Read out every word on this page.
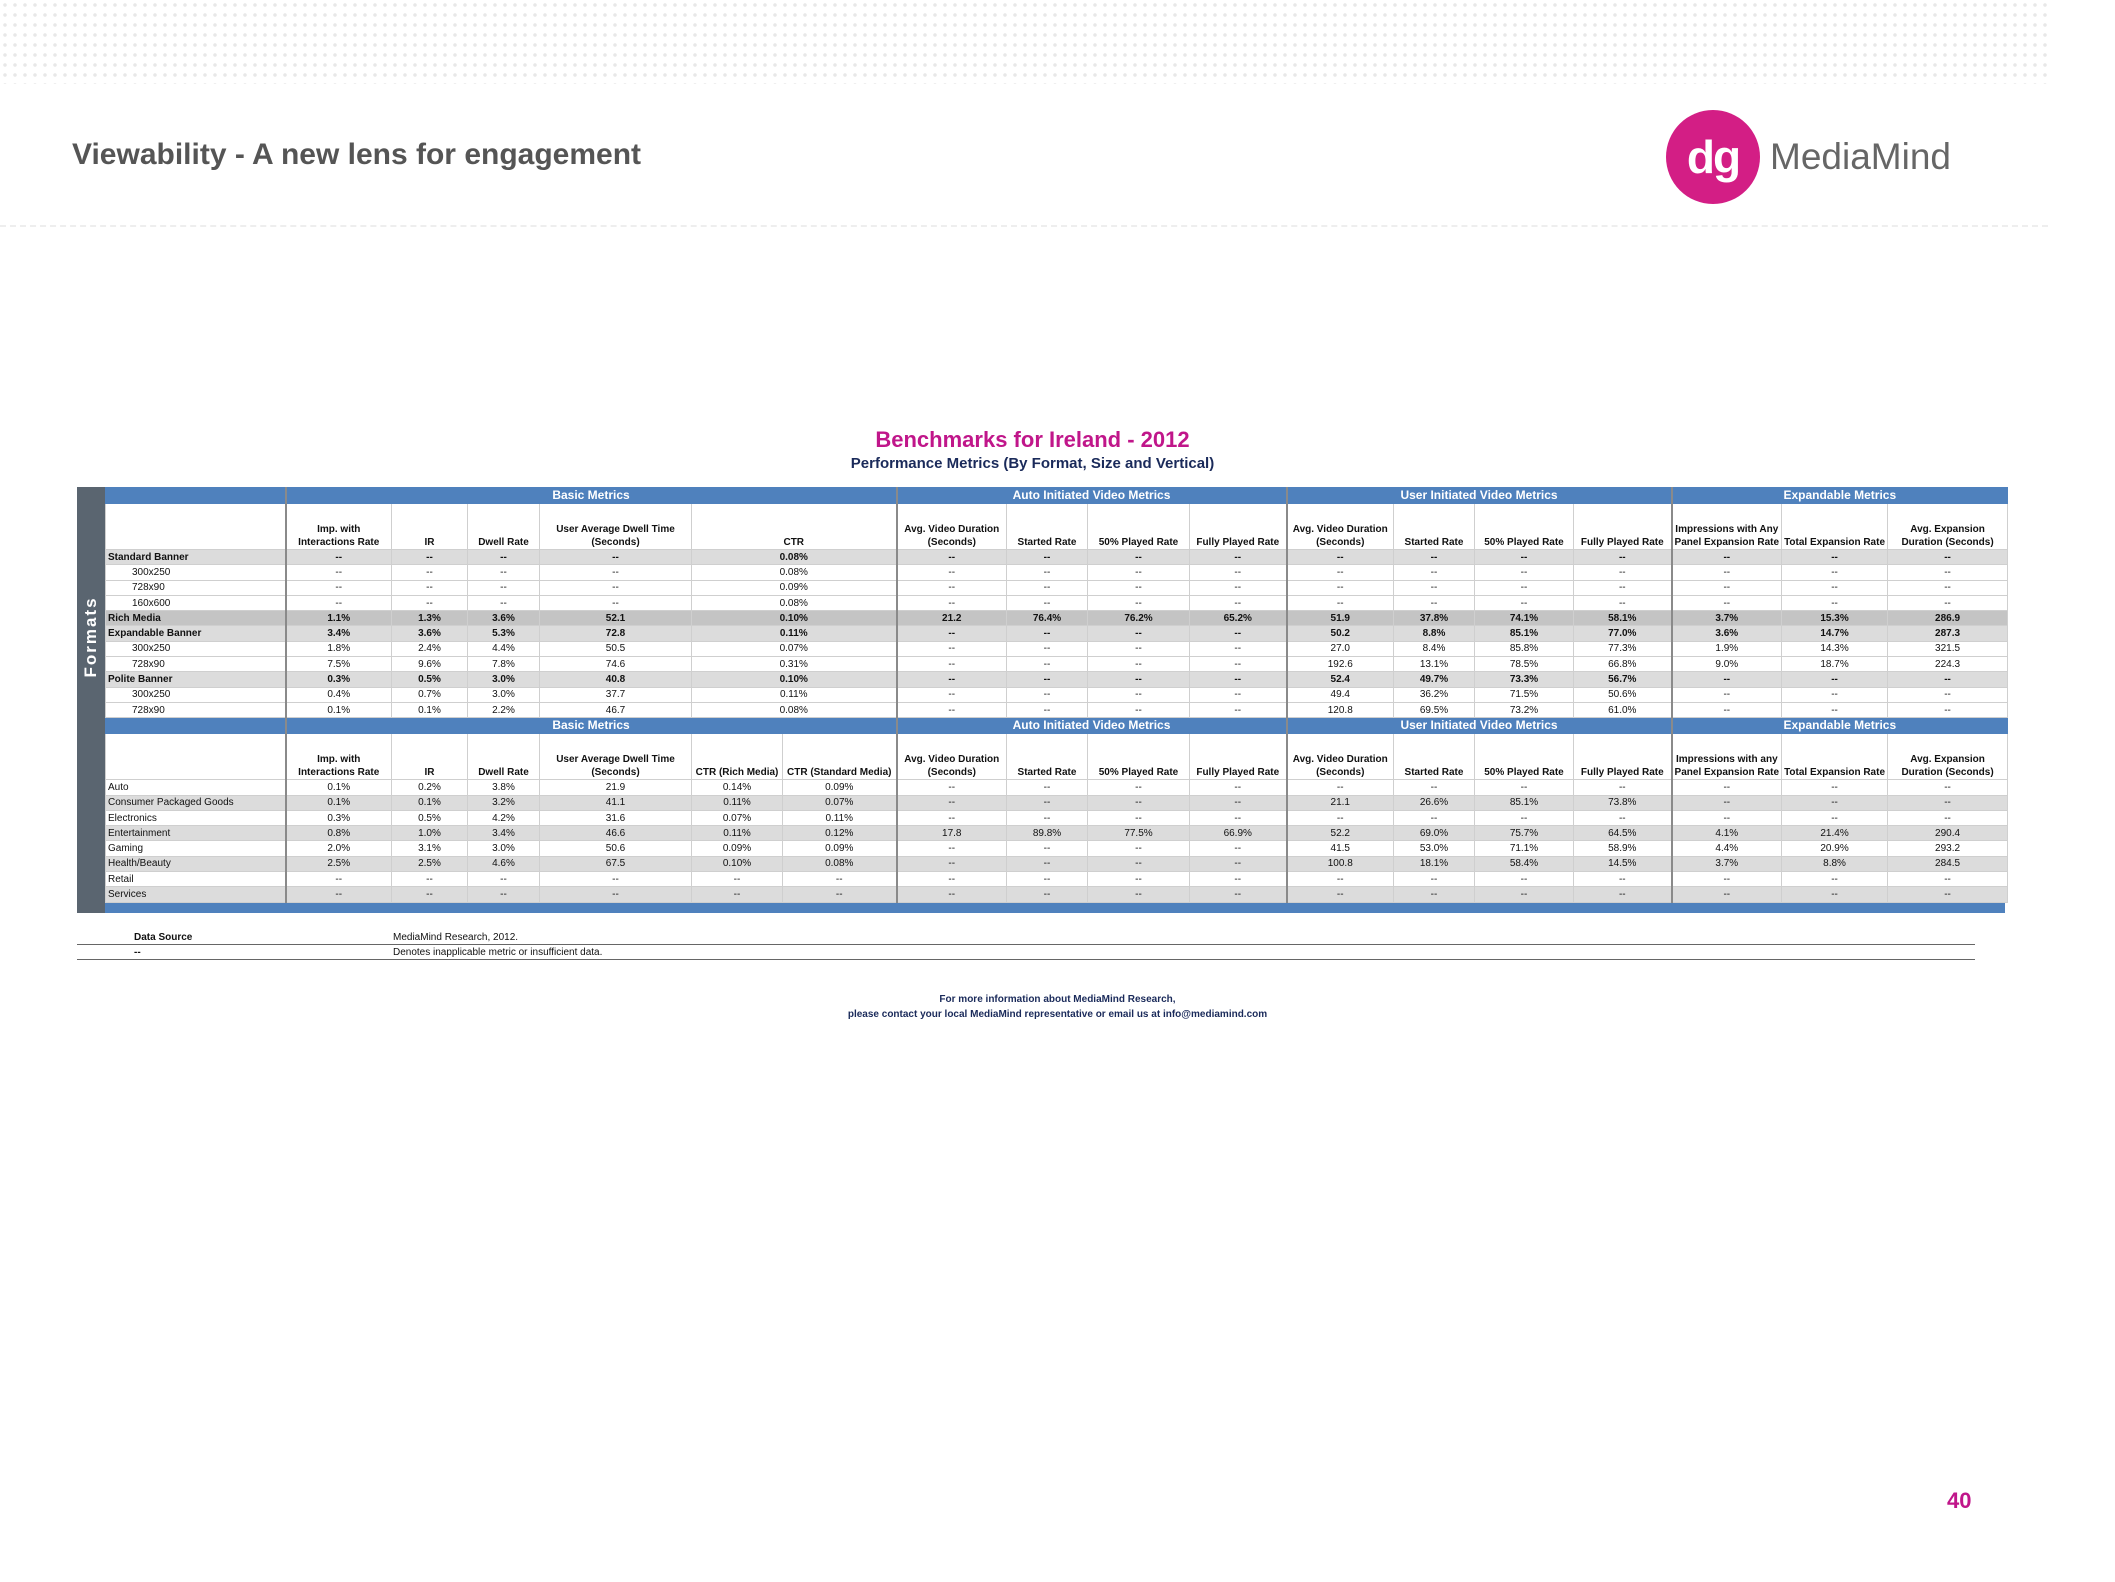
Viewability - A new lens for engagement	dg MediaMind
Benchmarks for Ireland - 2012
Performance Metrics (By Format, Size and Vertical)
Formats
	Basic Metrics						Auto Initiated Video Metrics				User Initiated Video Metrics				Expandable Metrics		
	Imp. with Interactions Rate	IR	Dwell Rate	User Average Dwell Time (Seconds)	CTR		Avg. Video Duration (Seconds)	Started Rate	50% Played Rate	Fully Played Rate	Avg. Video Duration (Seconds)	Started Rate	50% Played Rate	Fully Played Rate	Impressions with Any Panel Expansion Rate	Total Expansion Rate	Avg. Expansion Duration (Seconds)
Standard Banner	--	--	--	--	0.08%		--	--	--	--	--	--	--	--	--	--	--
300x250	--	--	--	--	0.08%		--	--	--	--	--	--	--	--	--	--	--
728x90	--	--	--	--	0.09%		--	--	--	--	--	--	--	--	--	--	--
160x600	--	--	--	--	0.08%		--	--	--	--	--	--	--	--	--	--	--
Rich Media	1.1%	1.3%	3.6%	52.1	0.10%		21.2	76.4%	76.2%	65.2%	51.9	37.8%	74.1%	58.1%	3.7%	15.3%	286.9
Expandable Banner	3.4%	3.6%	5.3%	72.8	0.11%		--	--	--	--	50.2	8.8%	85.1%	77.0%	3.6%	14.7%	287.3
300x250	1.8%	2.4%	4.4%	50.5	0.07%		--	--	--	--	27.0	8.4%	85.8%	77.3%	1.9%	14.3%	321.5
728x90	7.5%	9.6%	7.8%	74.6	0.31%		--	--	--	--	192.6	13.1%	78.5%	66.8%	9.0%	18.7%	224.3
Polite Banner	0.3%	0.5%	3.0%	40.8	0.10%		--	--	--	--	52.4	49.7%	73.3%	56.7%	--	--	--
300x250	0.4%	0.7%	3.0%	37.7	0.11%		--	--	--	--	49.4	36.2%	71.5%	50.6%	--	--	--
728x90	0.1%	0.1%	2.2%	46.7	0.08%		--	--	--	--	120.8	69.5%	73.2%	61.0%	--	--	--
	Basic Metrics						Auto Initiated Video Metrics				User Initiated Video Metrics				Expandable Metrics		
	Imp. with Interactions Rate	IR	Dwell Rate	User Average Dwell Time (Seconds)	CTR (Rich Media)	CTR (Standard Media)	Avg. Video Duration (Seconds)	Started Rate	50% Played Rate	Fully Played Rate	Avg. Video Duration (Seconds)	Started Rate	50% Played Rate	Fully Played Rate	Impressions with any Panel Expansion Rate	Total Expansion Rate	Avg. Expansion Duration (Seconds)
Auto	0.1%	0.2%	3.8%	21.9	0.14%	0.09%	--	--	--	--	--	--	--	--	--	--	--
Consumer Packaged Goods	0.1%	0.1%	3.2%	41.1	0.11%	0.07%	--	--	--	--	21.1	26.6%	85.1%	73.8%	--	--	--
Electronics	0.3%	0.5%	4.2%	31.6	0.07%	0.11%	--	--	--	--	--	--	--	--	--	--	--
Entertainment	0.8%	1.0%	3.4%	46.6	0.11%	0.12%	17.8	89.8%	77.5%	66.9%	52.2	69.0%	75.7%	64.5%	4.1%	21.4%	290.4
Gaming	2.0%	3.1%	3.0%	50.6	0.09%	0.09%	--	--	--	--	41.5	53.0%	71.1%	58.9%	4.4%	20.9%	293.2
Health/Beauty	2.5%	2.5%	4.6%	67.5	0.10%	0.08%	--	--	--	--	100.8	18.1%	58.4%	14.5%	3.7%	8.8%	284.5
Retail	--	--	--	--	--	--	--	--	--	--	--	--	--	--	--	--	--
Services	--	--	--	--	--	--	--	--	--	--	--	--	--	--	--	--	--
Data Source	MediaMind Research, 2012.
--	Denotes inapplicable metric or insufficient data.
For more information about MediaMind Research,
please contact your local MediaMind representative or email us at info@mediamind.com
40
